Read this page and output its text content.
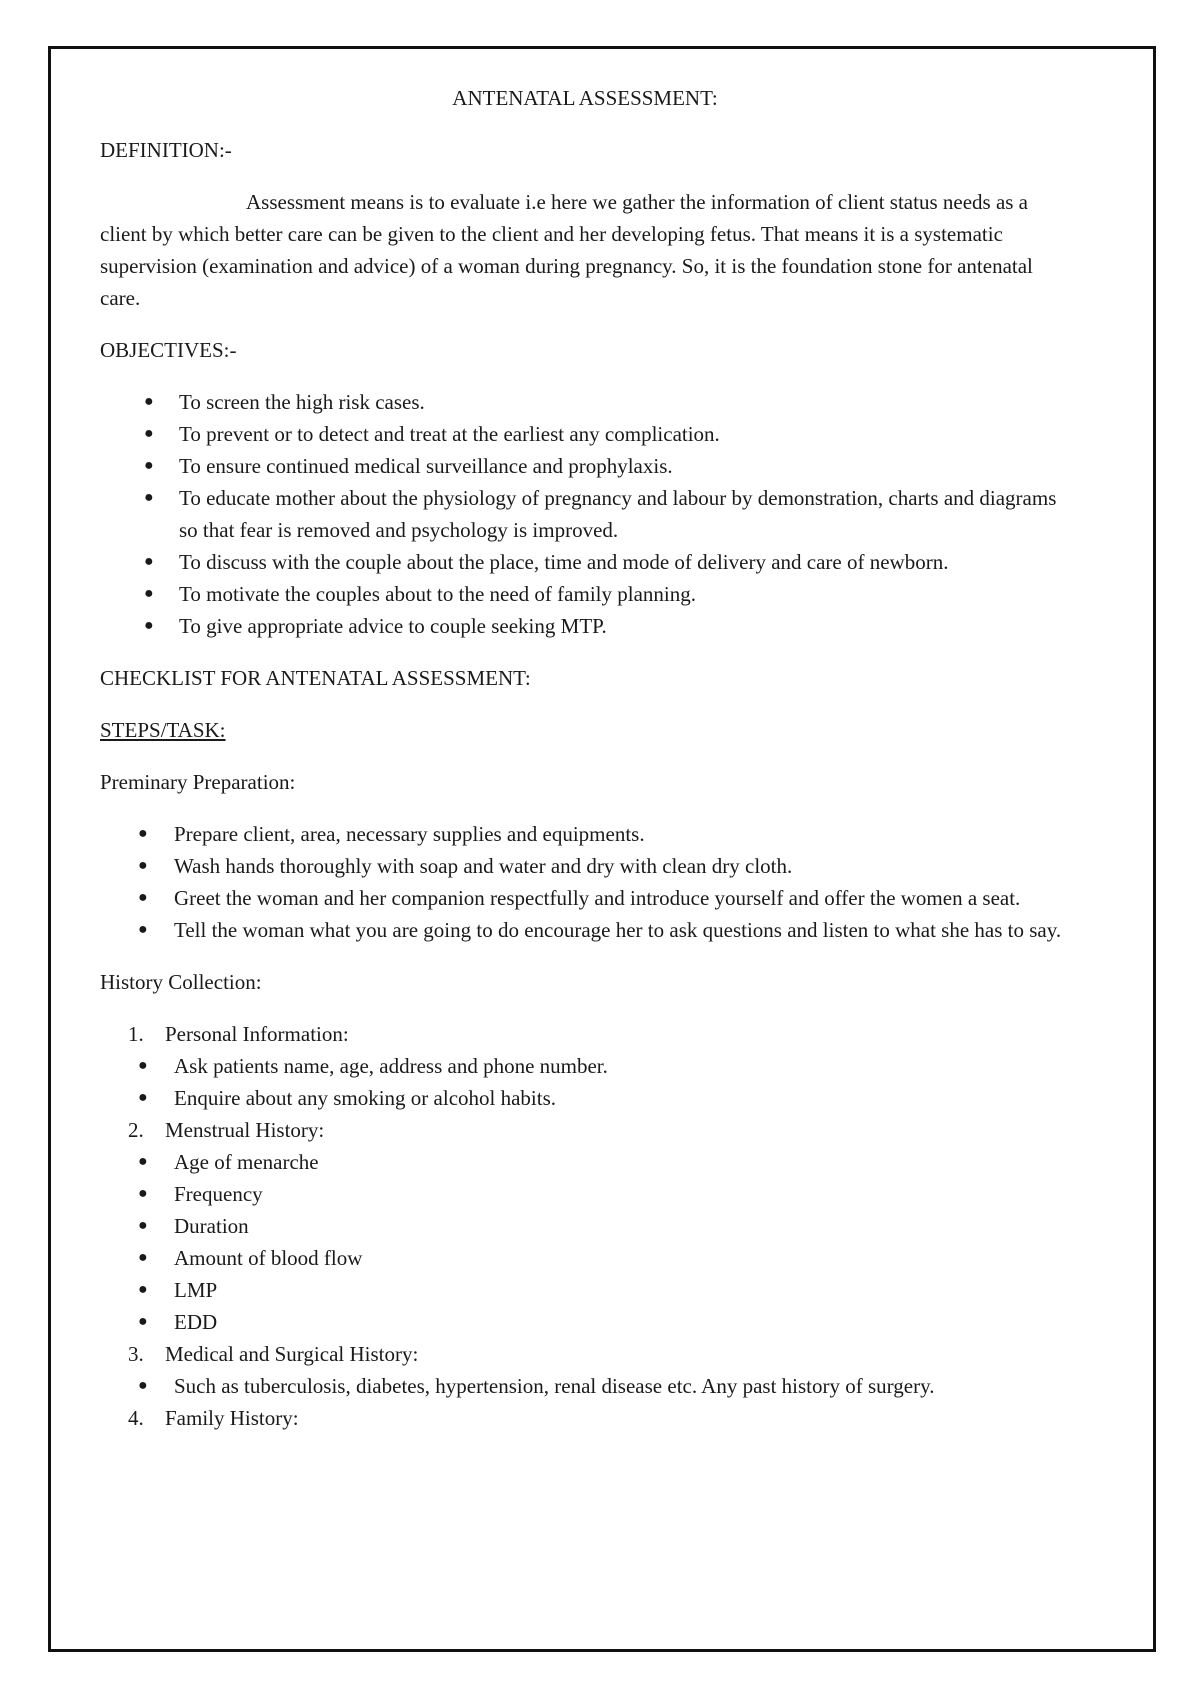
ANTENATAL ASSESSMENT:
DEFINITION:-
Assessment means is to evaluate i.e here we gather the information of client status needs as a client by which better care can be given to the client and her developing fetus. That means it is a systematic supervision (examination and advice) of a woman during pregnancy. So, it is the foundation stone for antenatal care.
OBJECTIVES:-
● To screen the high risk cases.
● To prevent or to detect and treat at the earliest any complication.
● To ensure continued medical surveillance and prophylaxis.
● To educate mother about the physiology of pregnancy and labour by demonstration, charts and diagrams so that fear is removed and psychology is improved.
● To discuss with the couple about the place, time and mode of delivery and care of newborn.
● To motivate the couples about to the need of family planning.
● To give appropriate advice to couple seeking MTP.
CHECKLIST FOR ANTENATAL ASSESSMENT:
STEPS/TASK:
Preminary Preparation:
● Prepare client, area, necessary supplies and equipments.
● Wash hands thoroughly with soap and water and dry with clean dry cloth.
● Greet the woman and her companion respectfully and introduce yourself and offer the women a seat.
● Tell the woman what you are going to do encourage her to ask questions and listen to what she has to say.
History Collection:
1. Personal Information:
● Ask patients name, age, address and phone number.
● Enquire about any smoking or alcohol habits.
2. Menstrual History:
● Age of menarche
● Frequency
● Duration
● Amount of blood flow
● LMP
● EDD
3. Medical and Surgical History:
● Such as tuberculosis, diabetes, hypertension, renal disease etc. Any past history of surgery.
4. Family History:
